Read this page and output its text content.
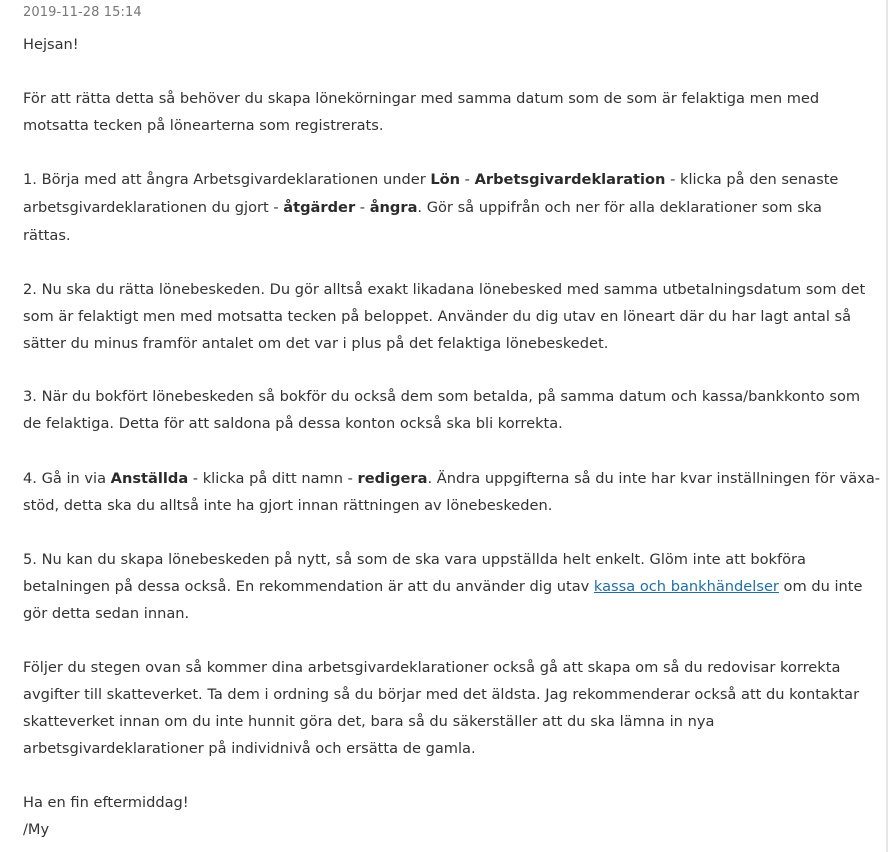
2019-11-28 15:14
Hejsan!
För att rätta detta så behöver du skapa lönekörningar med samma datum som de som är felaktiga men med
motsatta tecken på lönearterna som registrerats.
1. Börja med att ångra Arbetsgivardeklarationen under Lön - Arbetsgivardeklaration - klicka på den senaste
arbetsgivardeklarationen du gjort - åtgärder - ångra. Gör så uppifrån och ner för alla deklarationer som ska
rättas.
2. Nu ska du rätta lönebeskeden. Du gör alltså exakt likadana lönebesked med samma utbetalningsdatum som det
som är felaktigt men med motsatta tecken på beloppet. Använder du dig utav en löneart där du har lagt antal så
sätter du minus framför antalet om det var i plus på det felaktiga lönebeskedet.
3. När du bokfört lönebeskeden så bokför du också dem som betalda, på samma datum och kassa/bankkonto som
de felaktiga. Detta för att saldona på dessa konton också ska bli korrekta.
4. Gå in via Anställda - klicka på ditt namn - redigera. Ändra uppgifterna så du inte har kvar inställningen för växa-
stöd, detta ska du alltså inte ha gjort innan rättningen av lönebeskeden.
5. Nu kan du skapa lönebeskeden på nytt, så som de ska vara uppställda helt enkelt. Glöm inte att bokföra
betalningen på dessa också. En rekommendation är att du använder dig utav kassa och bankhändelser om du inte
gör detta sedan innan.
Följer du stegen ovan så kommer dina arbetsgivardeklarationer också gå att skapa om så du redovisar korrekta
avgifter till skatteverket. Ta dem i ordning så du börjar med det äldsta. Jag rekommenderar också att du kontaktar
skatteverket innan om du inte hunnit göra det, bara så du säkerställer att du ska lämna in nya
arbetsgivardeklarationer på individnivå och ersätta de gamla.
Ha en fin eftermiddag!
/My
